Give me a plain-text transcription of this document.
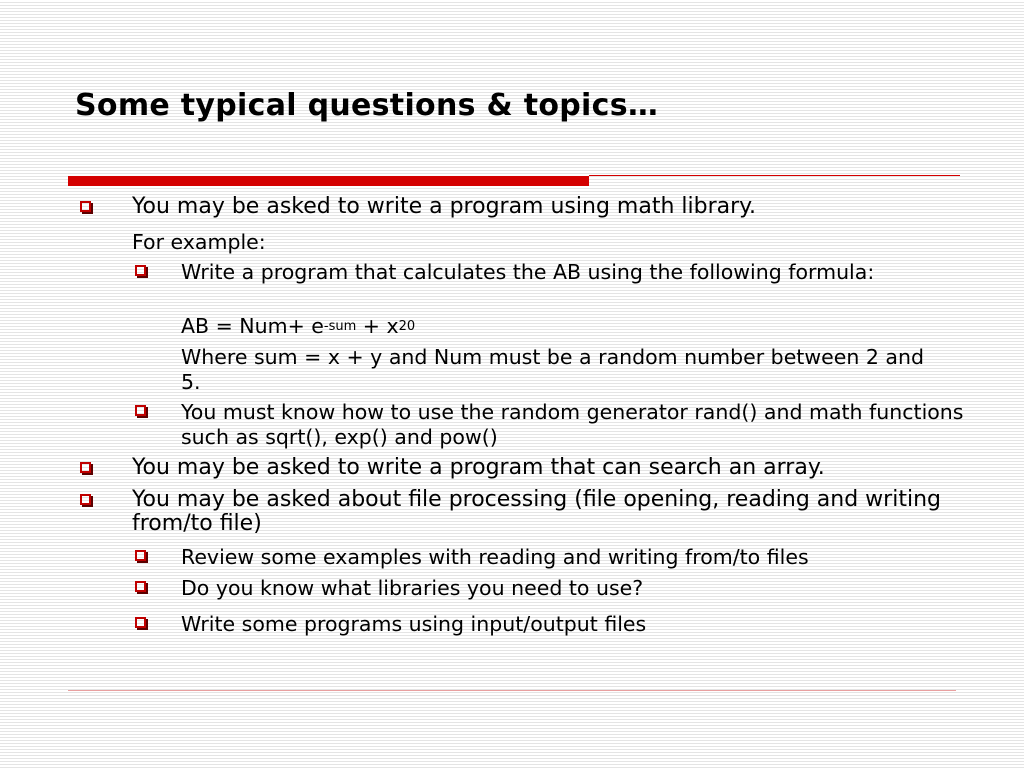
Some typical questions & topics…
You may be asked to write a program using math library.
For example:
Write a program that calculates the AB using the following formula:
AB = $Num+ e^{-sum} + x^{20}$
Where sum = x + y and Num must be a random number between 2 and 5.
You must know how to use the random generator rand() and math functions such as sqrt(), exp() and pow()
You may be asked to write a program that can search an array.
You may be asked about file processing (file opening, reading and writing from/to file)
Review some examples with reading and writing from/to files
Do you know what libraries you need to use?
Write some programs using input/output files
